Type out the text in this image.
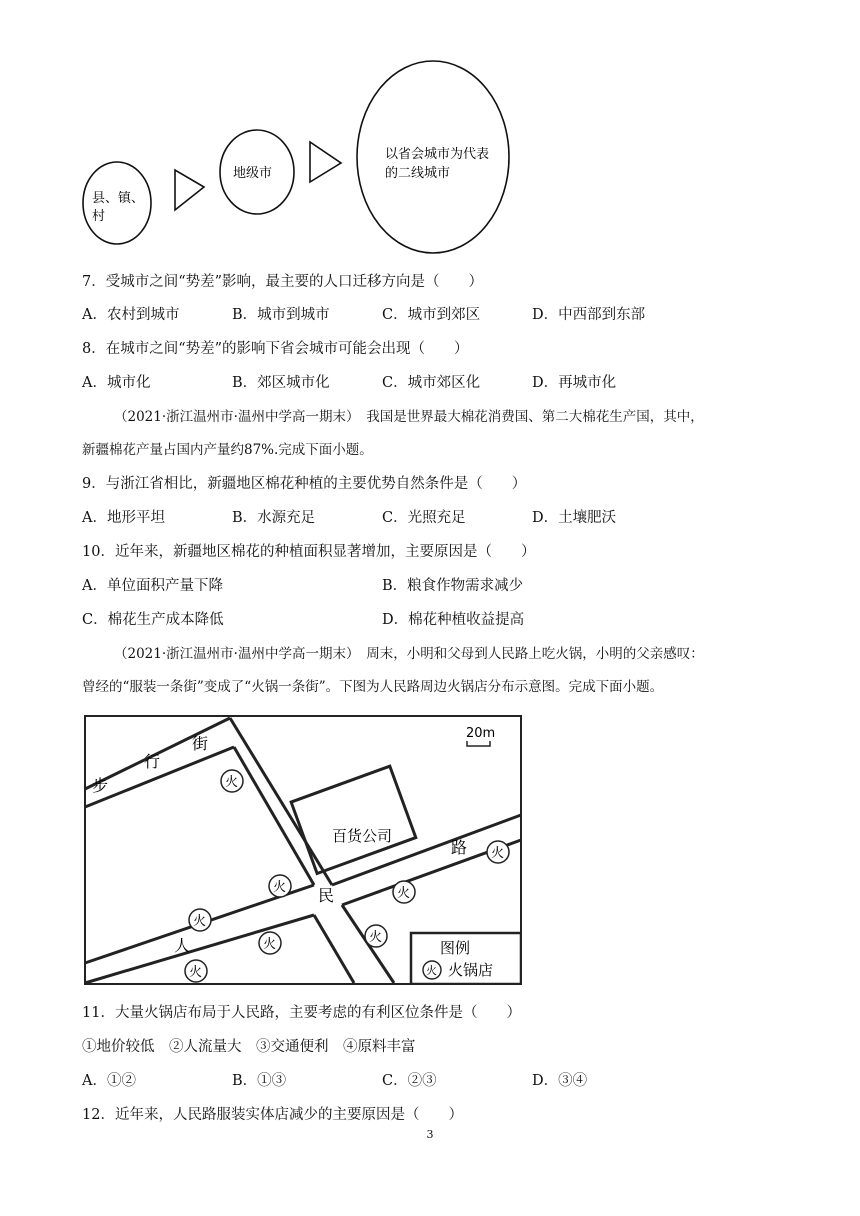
县、镇、
村
地级市
以省会城市为代表
的二线城市
7．受城市之间“势差”影响，最主要的人口迁移方向是（　　）
A．农村到城市	B．城市到城市	C．城市到郊区	D．中西部到东部
8．在城市之间“势差”的影响下省会城市可能会出现（　　）
A．城市化	B．郊区城市化	C．城市郊区化	D．再城市化
（2021·浙江温州市·温州中学高一期末）　我国是世界最大棉花消费国、第二大棉花生产国，其中，
新疆棉花产量占国内产量约87%.完成下面小题。
9．与浙江省相比，新疆地区棉花种植的主要优势自然条件是（　　）
A．地形平坦	B．水源充足	C．光照充足	D．土壤肥沃
10．近年来，新疆地区棉花的种植面积显著增加，主要原因是（　　）
A．单位面积产量下降	B．粮食作物需求减少
C．棉花生产成本降低	D．棉花种植收益提高
（2021·浙江温州市·温州中学高一期末）　周末，小明和父母到人民路上吃火锅，小明的父亲感叹：
曾经的“服装一条街”变成了“火锅一条街”。下图为人民路周边火锅店分布示意图。完成下面小题。
百货公司
步
行
街
人
民
路
20m
火
火
火
火
火
火
火
火
图例
火 火锅店
11．大量火锅店布局于人民路，主要考虑的有利区位条件是（　　）
①地价较低　②人流量大　③交通便利　④原料丰富
A．①②	B．①③	C．②③	D．③④
12．近年来，人民路服装实体店减少的主要原因是（　　）
3
